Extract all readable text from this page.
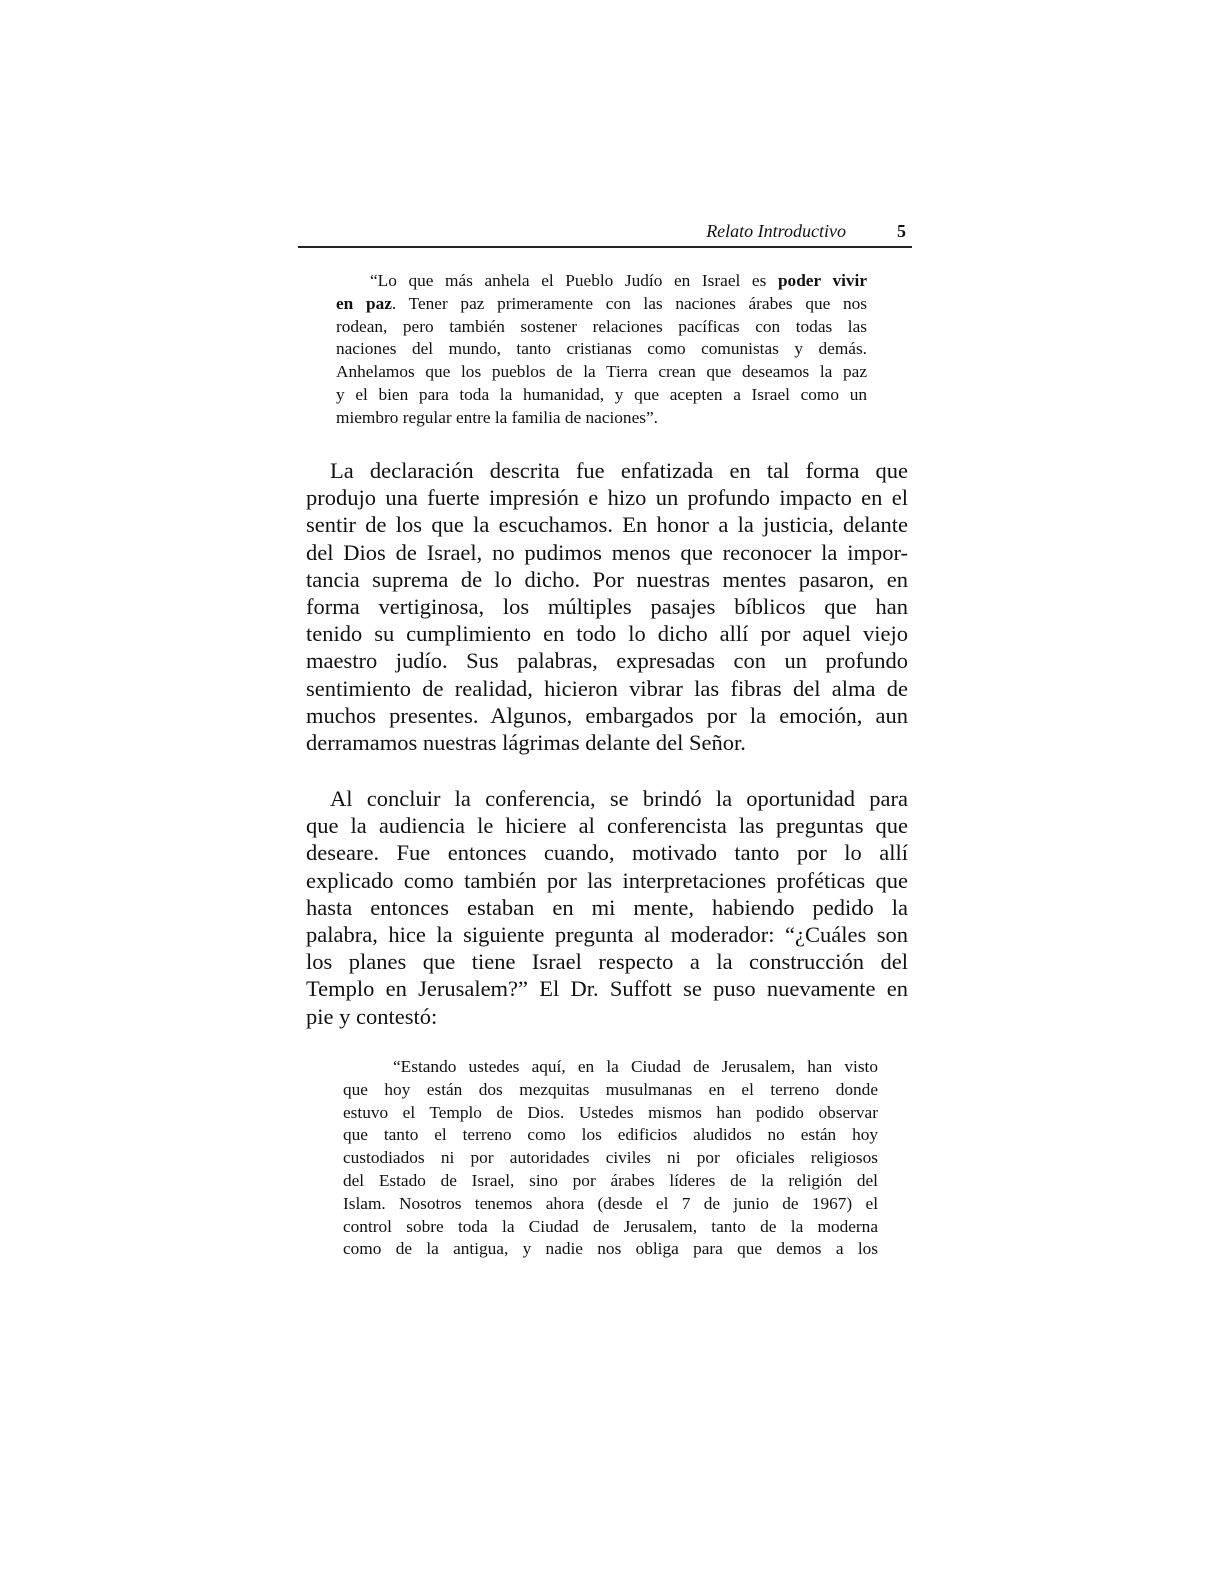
Relato Introductivo	5
“Lo que más anhela el Pueblo Judío en Israel es poder vivir
en paz. Tener paz primeramente con las naciones árabes que nos
rodean, pero también sostener relaciones pacíficas con todas las
naciones del mundo, tanto cristianas como comunistas y demás.
Anhelamos que los pueblos de la Tierra crean que deseamos la paz
y el bien para toda la humanidad, y que acepten a Israel como un
miembro regular entre la familia de naciones”.
La declaración descrita fue enfatizada en tal forma que
produjo una fuerte impresión e hizo un profundo impacto en el
sentir de los que la escuchamos. En honor a la justicia, delante
del Dios de Israel, no pudimos menos que reconocer la impor-
tancia suprema de lo dicho. Por nuestras mentes pasaron, en
forma vertiginosa, los múltiples pasajes bíblicos que han
tenido su cumplimiento en todo lo dicho allí por aquel viejo
maestro judío. Sus palabras, expresadas con un profundo
sentimiento de realidad, hicieron vibrar las fibras del alma de
muchos presentes. Algunos, embargados por la emoción, aun
derramamos nuestras lágrimas delante del Señor.
Al concluir la conferencia, se brindó la oportunidad para
que la audiencia le hiciere al conferencista las preguntas que
deseare. Fue entonces cuando, motivado tanto por lo allí
explicado como también por las interpretaciones proféticas que
hasta entonces estaban en mi mente, habiendo pedido la
palabra, hice la siguiente pregunta al moderador: “¿Cuáles son
los planes que tiene Israel respecto a la construcción del
Templo en Jerusalem?” El Dr. Suffott se puso nuevamente en
pie y contestó:
“Estando ustedes aquí, en la Ciudad de Jerusalem, han visto
que hoy están dos mezquitas musulmanas en el terreno donde
estuvo el Templo de Dios. Ustedes mismos han podido observar
que tanto el terreno como los edificios aludidos no están hoy
custodiados ni por autoridades civiles ni por oficiales religiosos
del Estado de Israel, sino por árabes líderes de la religión del
Islam. Nosotros tenemos ahora (desde el 7 de junio de 1967) el
control sobre toda la Ciudad de Jerusalem, tanto de la moderna
como de la antigua, y nadie nos obliga para que demos a los
